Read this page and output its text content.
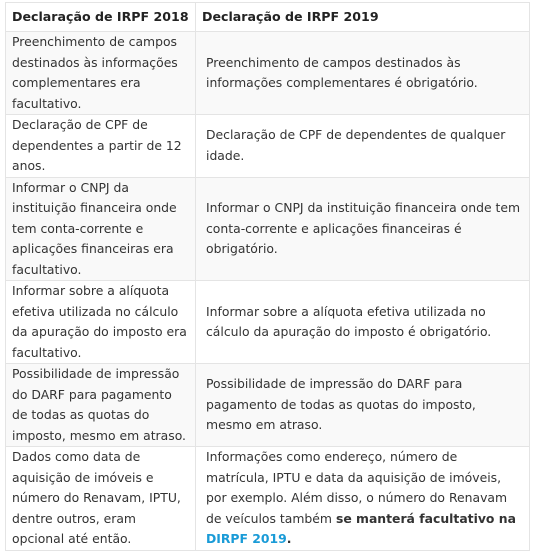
Declaração de IRPF 2018	Declaração de IRPF 2019
Preenchimento de campos destinados às informações complementares era facultativo.	Preenchimento de campos destinados às informações complementares é obrigatório.
Declaração de CPF de dependentes a partir de 12 anos.	Declaração de CPF de dependentes de qualquer idade.
Informar o CNPJ da instituição financeira onde tem conta-corrente e aplicações financeiras era facultativo.	Informar o CNPJ da instituição financeira onde tem conta-corrente e aplicações financeiras é obrigatório.
Informar sobre a alíquota efetiva utilizada no cálculo da apuração do imposto era facultativo.	Informar sobre a alíquota efetiva utilizada no cálculo da apuração do imposto é obrigatório.
Possibilidade de impressão do DARF para pagamento de todas as quotas do imposto, mesmo em atraso.	Possibilidade de impressão do DARF para pagamento de todas as quotas do imposto, mesmo em atraso.
Dados como data de aquisição de imóveis e número do Renavam, IPTU, dentre outros, eram opcional até então.	Informações como endereço, número de matrícula, IPTU e data da aquisição de imóveis, por exemplo. Além disso, o número do Renavam de veículos também se manterá facultativo na DIRPF 2019.
